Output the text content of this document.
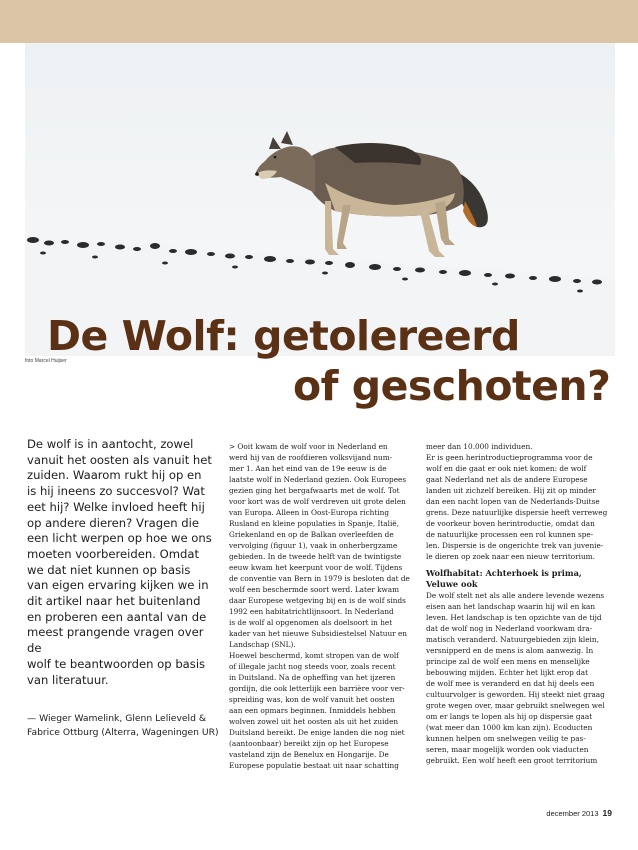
foto Marcel Huijser
De Wolf: getolereerd
of geschoten?
De wolf is in aantocht, zowel
vanuit het oosten als vanuit het
zuiden. Waarom rukt hij op en
is hij ineens zo succesvol? Wat
eet hij? Welke invloed heeft hij
op andere dieren? Vragen die
een licht werpen op hoe we ons
moeten voorbereiden. Omdat
we dat niet kunnen op basis
van eigen ervaring kijken we in
dit artikel naar het buitenland
en proberen een aantal van de
meest prangende vragen over de
wolf te beantwoorden op basis
van literatuur.
— Wieger Wamelink, Glenn Lelieveld &
Fabrice Ottburg (Alterra, Wageningen UR)

> Ooit kwam de wolf voor in Nederland en

werd hij van de roofdieren volksvijand num-

mer 1. Aan het eind van de 19e eeuw is de

laatste wolf in Nederland gezien. Ook Europees

gezien ging het bergafwaarts met de wolf. Tot

voor kort was de wolf verdreven uit grote delen

van Europa. Alleen in Oost-Europa richting

Rusland en kleine populaties in Spanje, Italië,

Griekenland en op de Balkan overleefden de

vervolging (figuur 1), vaak in onherbergzame

gebieden. In de tweede helft van de twintigste

eeuw kwam het keerpunt voor de wolf. Tijdens

de conventie van Bern in 1979 is besloten dat de

wolf een beschermde soort werd. Later kwam

daar Europese wetgeving bij en is de wolf sinds

1992 een habitatrichtlijnsoort. In Nederland

is de wolf al opgenomen als doelsoort in het

kader van het nieuwe Subsidiestelsel Natuur en

Landschap (SNL).

Hoewel beschermd, komt stropen van de wolf

of illegale jacht nog steeds voor, zoals recent

in Duitsland. Na de opheffing van het ijzeren

gordijn, die ook letterlijk een barrière voor ver-

spreiding was, kon de wolf vanuit het oosten

aan een opmars beginnen. Inmiddels hebben

wolven zowel uit het oosten als uit het zuiden

Duitsland bereikt. De enige landen die nog niet

(aantoonbaar) bereikt zijn op het Europese

vasteland zijn de Benelux en Hongarije. De

Europese populatie bestaat uit naar schatting

meer dan 10.000 individuen.

Er is geen herintroductieprogramma voor de

wolf en die gaat er ook niet komen: de wolf

gaat Nederland net als de andere Europese

landen uit zichzelf bereiken. Hij zit op minder

dan een nacht lopen van de Nederlands-Duitse

grens. Deze natuurlijke dispersie heeft verreweg

de voorkeur boven herintroductie, omdat dan

de natuurlijke processen een rol kunnen spe-

len. Dispersie is de ongerichte trek van juvenie-

le dieren op zoek naar een nieuw territorium.

Wolfhabitat: Achterhoek is prima,

Veluwe ook

De wolf stelt net als alle andere levende wezens

eisen aan het landschap waarin hij wil en kan

leven. Het landschap is ten opzichte van de tijd

dat de wolf nog in Nederland voorkwam dra-

matisch veranderd. Natuurgebieden zijn klein,

versnipperd en de mens is alom aanwezig. In

principe zal de wolf een mens en menselijke

bebouwing mijden. Echter het lijkt erop dat

de wolf mee is veranderd en dat hij deels een

cultuurvolger is geworden. Hij steekt niet graag

grote wegen over, maar gebruikt snelwegen wel

om er langs te lopen als hij op dispersie gaat

(wat meer dan 1000 km kan zijn). Ecoducten

kunnen helpen om snelwegen veilig te pas-

seren, maar mogelijk worden ook viaducten

gebruikt. Een wolf heeft een groot territorium

december 2013 19
